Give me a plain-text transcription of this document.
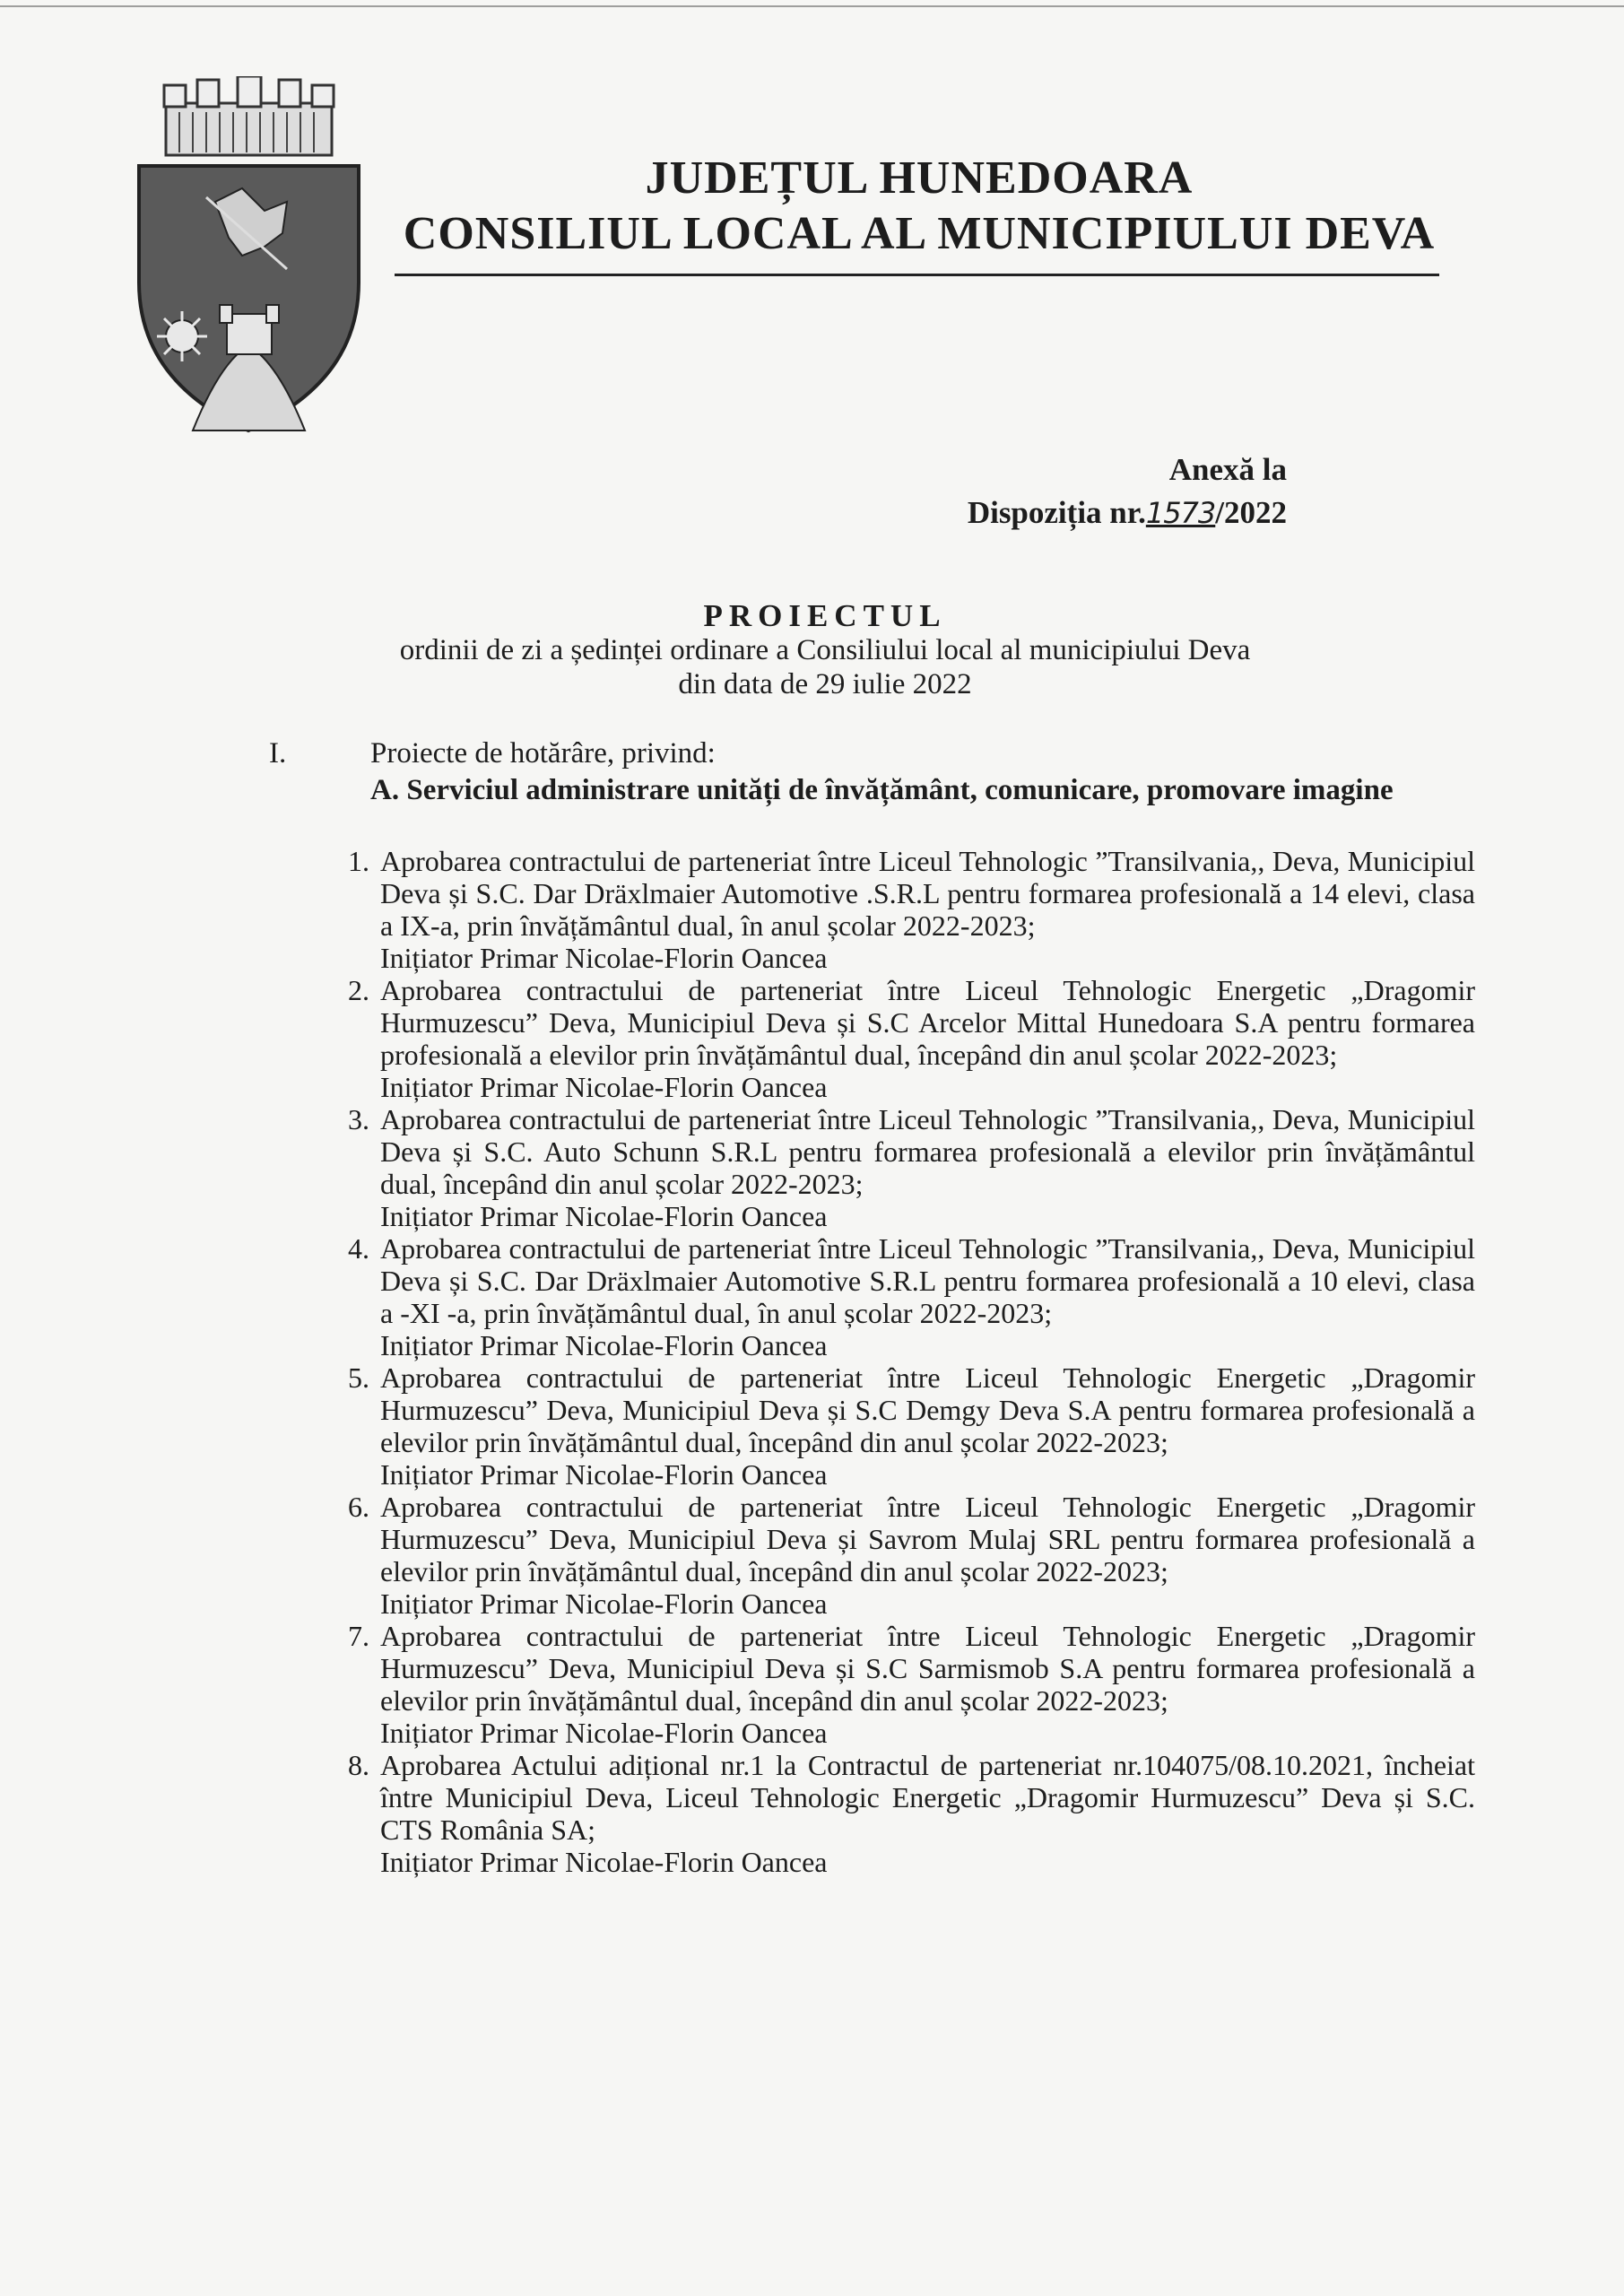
JUDEȚUL HUNEDOARA
CONSILIUL LOCAL AL MUNICIPIULUI DEVA
Anexă la
Dispoziția nr.1573/2022
PROIECTUL
ordinii de zi a ședinței ordinare a Consiliului local al municipiului Deva
din data de 29 iulie 2022
I.	Proiecte de hotărâre, privind:
A. Serviciul administrare unități de învățământ, comunicare, promovare imagine
1. Aprobarea contractului de parteneriat între Liceul Tehnologic ”Transilvania,, Deva, Municipiul Deva și S.C. Dar Dräxlmaier Automotive .S.R.L pentru formarea profesională a 14 elevi, clasa a IX-a, prin învățământul dual, în anul școlar 2022-2023;
Inițiator Primar Nicolae-Florin Oancea
2. Aprobarea contractului de parteneriat între Liceul Tehnologic Energetic „Dragomir Hurmuzescu” Deva, Municipiul Deva și S.C Arcelor Mittal Hunedoara S.A pentru formarea profesională a elevilor prin învățământul dual, începând din anul școlar 2022-2023;
Inițiator Primar Nicolae-Florin Oancea
3. Aprobarea contractului de parteneriat între Liceul Tehnologic ”Transilvania,, Deva, Municipiul Deva și S.C. Auto Schunn S.R.L pentru formarea profesională a elevilor prin învățământul dual, începând din anul școlar 2022-2023;
Inițiator Primar Nicolae-Florin Oancea
4. Aprobarea contractului de parteneriat între Liceul Tehnologic ”Transilvania,, Deva, Municipiul Deva și S.C. Dar Dräxlmaier Automotive S.R.L pentru formarea profesională a 10 elevi, clasa a -XI -a, prin învățământul dual, în anul școlar 2022-2023;
Inițiator Primar Nicolae-Florin Oancea
5. Aprobarea contractului de parteneriat între Liceul Tehnologic Energetic „Dragomir Hurmuzescu” Deva, Municipiul Deva și S.C Demgy Deva S.A pentru formarea profesională a elevilor prin învățământul dual, începând din anul școlar 2022-2023;
Inițiator Primar Nicolae-Florin Oancea
6. Aprobarea contractului de parteneriat între Liceul Tehnologic Energetic „Dragomir Hurmuzescu” Deva, Municipiul Deva și Savrom Mulaj SRL pentru formarea profesională a elevilor prin învățământul dual, începând din anul școlar 2022-2023;
Inițiator Primar Nicolae-Florin Oancea
7. Aprobarea contractului de parteneriat între Liceul Tehnologic Energetic „Dragomir Hurmuzescu” Deva, Municipiul Deva și S.C Sarmismob S.A pentru formarea profesională a elevilor prin învățământul dual, începând din anul școlar 2022-2023;
Inițiator Primar Nicolae-Florin Oancea
8. Aprobarea Actului adițional nr.1 la Contractul de parteneriat nr.104075/08.10.2021, încheiat între Municipiul Deva, Liceul Tehnologic Energetic „Dragomir Hurmuzescu” Deva și S.C. CTS România SA;
Inițiator Primar Nicolae-Florin Oancea
